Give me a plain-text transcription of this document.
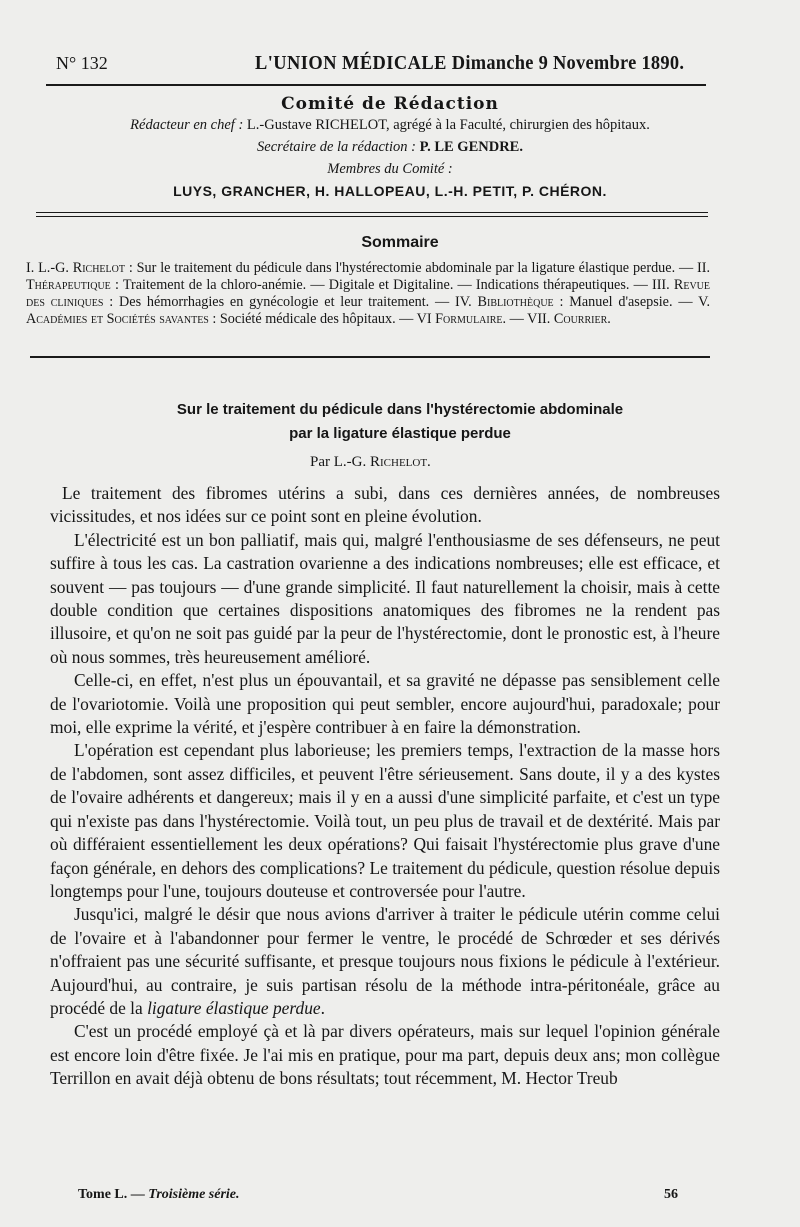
N° 132	L'UNION MÉDICALE Dimanche 9 Novembre 1890.
Comité de Rédaction
Rédacteur en chef : L.-Gustave RICHELOT, agrégé à la Faculté, chirurgien des hôpitaux.
Secrétaire de la rédaction : P. LE GENDRE.
Membres du Comité :
LUYS, GRANCHER, H. HALLOPEAU, L.-H. PETIT, P. CHÉRON.
Sommaire
I. L.-G. Richelot : Sur le traitement du pédicule dans l'hystérectomie abdominale par la ligature élastique perdue. — II. Thérapeutique : Traitement de la chloro-anémie. — Digitale et Digitaline. — Indications thérapeutiques. — III. Revue des cliniques : Des hémorrhagies en gynécologie et leur traitement. — IV. Bibliothèque : Manuel d'asepsie. — V. Académies et Sociétés savantes : Société médicale des hôpitaux. — VI Formulaire. — VII. Courrier.
Sur le traitement du pédicule dans l'hystérectomie abdominale
par la ligature élastique perdue
Par L.-G. Richelot.

Le traitement des fibromes utérins a subi, dans ces dernières années, de nombreuses vicissitudes, et nos idées sur ce point sont en pleine évolution.

L'électricité est un bon palliatif, mais qui, malgré l'enthousiasme de ses défenseurs, ne peut suffire à tous les cas. La castration ovarienne a des indications nombreuses; elle est efficace, et souvent — pas toujours — d'une grande simplicité. Il faut naturellement la choisir, mais à cette double condition que certaines dispositions anatomiques des fibromes ne la rendent pas illusoire, et qu'on ne soit pas guidé par la peur de l'hystérectomie, dont le pronostic est, à l'heure où nous sommes, très heureusement amélioré.

Celle-ci, en effet, n'est plus un épouvantail, et sa gravité ne dépasse pas sensiblement celle de l'ovariotomie. Voilà une proposition qui peut sembler, encore aujourd'hui, paradoxale; pour moi, elle exprime la vérité, et j'espère contribuer à en faire la démonstration.

L'opération est cependant plus laborieuse; les premiers temps, l'extraction de la masse hors de l'abdomen, sont assez difficiles, et peuvent l'être sérieusement. Sans doute, il y a des kystes de l'ovaire adhérents et dangereux; mais il y en a aussi d'une simplicité parfaite, et c'est un type qui n'existe pas dans l'hystérectomie. Voilà tout, un peu plus de travail et de dextérité. Mais par où différaient essentiellement les deux opérations? Qui faisait l'hystérectomie plus grave d'une façon générale, en dehors des complications? Le traitement du pédicule, question résolue depuis longtemps pour l'une, toujours douteuse et controversée pour l'autre.

Jusqu'ici, malgré le désir que nous avions d'arriver à traiter le pédicule utérin comme celui de l'ovaire et à l'abandonner pour fermer le ventre, le procédé de Schrœder et ses dérivés n'offraient pas une sécurité suffisante, et presque toujours nous fixions le pédicule à l'extérieur. Aujourd'hui, au contraire, je suis partisan résolu de la méthode intra-péritonéale, grâce au procédé de la ligature élastique perdue.

C'est un procédé employé çà et là par divers opérateurs, mais sur lequel l'opinion générale est encore loin d'être fixée. Je l'ai mis en pratique, pour ma part, depuis deux ans; mon collègue Terrillon en avait déjà obtenu de bons résultats; tout récemment, M. Hector Treub

Tome L. — Troisième série.	56
